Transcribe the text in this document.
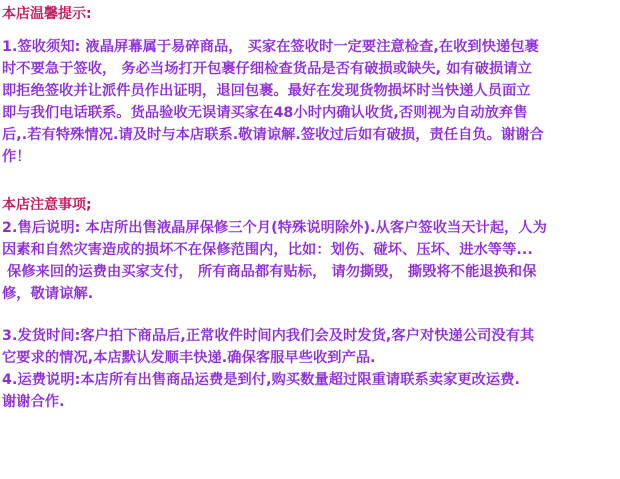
本店温馨提示:

1.签收须知: 液晶屏幕属于易碎商品， 买家在签收时一定要注意检查,在收到快递包裹
时不要急于签收， 务必当场打开包裹仔细检查货品是否有破损或缺失, 如有破损请立
即拒绝签收并让派件员作出证明，退回包裹。最好在发现货物损坏时当快递人员面立
即与我们电话联系。货品验收无误请买家在48小时内确认收货,否则视为自动放弃售
后,.若有特殊情况.请及时与本店联系.敬请谅解.签收过后如有破损，责任自负。谢谢合
作！

本店注意事项;

2.售后说明: 本店所出售液晶屏保修三个月(特殊说明除外).从客户签收当天计起，人为
因素和自然灾害造成的损坏不在保修范围内，比如：划伤、碰坏、压坏、进水等等...
保修来回的运费由买家支付， 所有商品都有贴标， 请勿撕毁， 撕毁将不能退换和保
修，敬请谅解.
3.发货时间:客户拍下商品后,正常收件时间内我们会及时发货,客户对快递公司没有其
它要求的情况,本店默认发顺丰快递.确保客服早些收到产品.
4.运费说明:本店所有出售商品运费是到付,购买数量超过限重请联系卖家更改运费.
谢谢合作.
